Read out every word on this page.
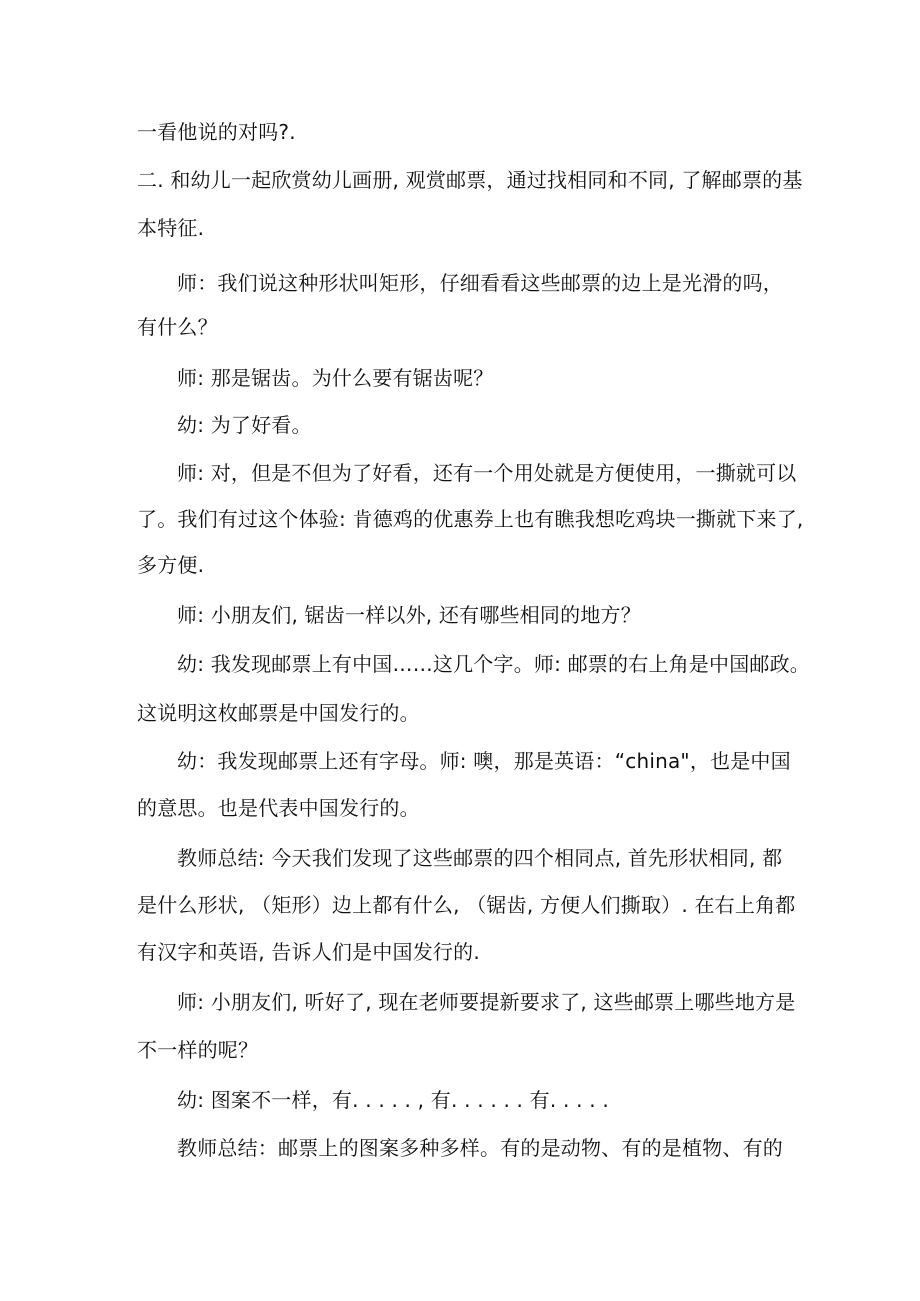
一看他说的对吗?.
二. 和幼儿一起欣赏幼儿画册, 观赏邮票，通过找相同和不同, 了解邮票的基
本特征.
师：我们说这种形状叫矩形，仔细看看这些邮票的边上是光滑的吗，
有什么？
师: 那是锯齿。为什么要有锯齿呢？
幼: 为了好看。
师: 对，但是不但为了好看，还有一个用处就是方便使用，一撕就可以
了。我们有过这个体验: 肯德鸡的优惠券上也有瞧我想吃鸡块一撕就下来了,
多方便.
师: 小朋友们, 锯齿一样以外, 还有哪些相同的地方？
幼: 我发现邮票上有中国……这几个字。师: 邮票的右上角是中国邮政。
这说明这枚邮票是中国发行的。
幼：我发现邮票上还有字母。师: 噢，那是英语：“china"，也是中国
的意思。也是代表中国发行的。
教师总结: 今天我们发现了这些邮票的四个相同点, 首先形状相同, 都
是什么形状, （矩形）边上都有什么, （锯齿, 方便人们撕取）. 在右上角都
有汉字和英语, 告诉人们是中国发行的.
师: 小朋友们, 听好了, 现在老师要提新要求了, 这些邮票上哪些地方是
不一样的呢？
幼: 图案不一样，有. . . . . , 有. . . . . . 有. . . . .
教师总结：邮票上的图案多种多样。有的是动物、有的是植物、有的
